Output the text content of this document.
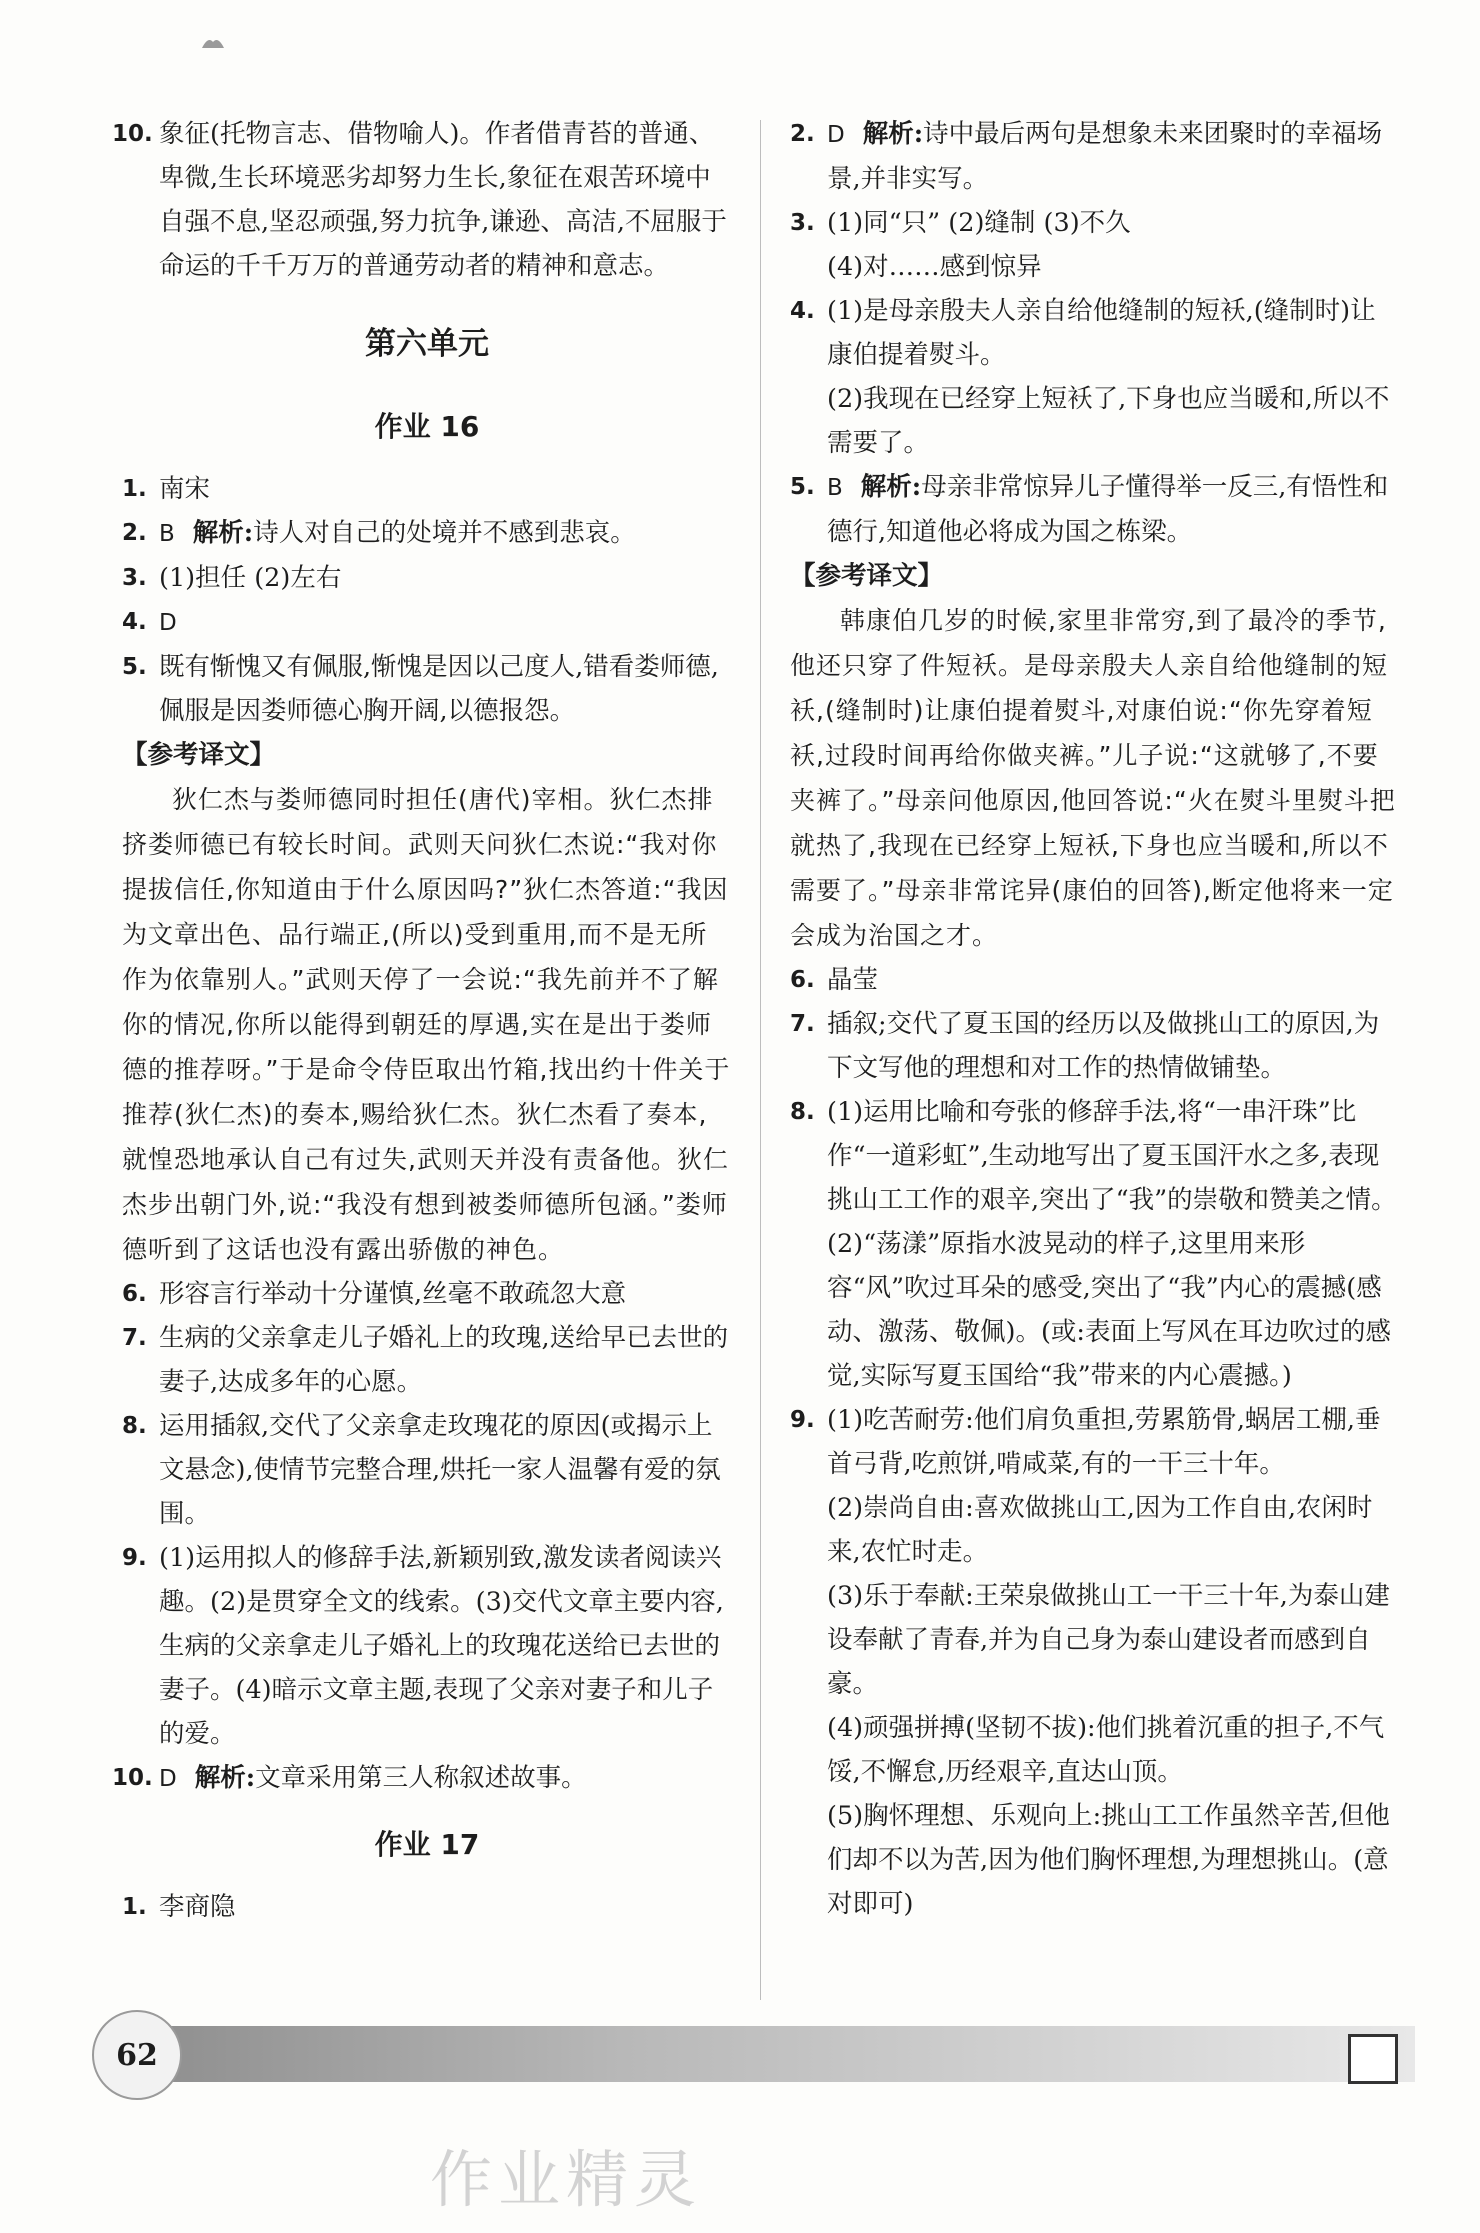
10. 象征(托物言志、借物喻人)。作者借青苔的普通、卑微,生长环境恶劣却努力生长,象征在艰苦环境中自强不息,坚忍顽强,努力抗争,谦逊、高洁,不屈服于命运的千千万万的普通劳动者的精神和意志。
第六单元
作业 16
1. 南宋
2. B 解析:诗人对自己的处境并不感到悲哀。
3. (1)担任 (2)左右
4. D
5. 既有惭愧又有佩服,惭愧是因以己度人,错看娄师德,佩服是因娄师德心胸开阔,以德报怨。
【参考译文】

狄仁杰与娄师德同时担任(唐代)宰相。狄仁杰排挤娄师德已有较长时间。武则天问狄仁杰说:“我对你提拔信任,你知道由于什么原因吗?”狄仁杰答道:“我因为文章出色、品行端正,(所以)受到重用,而不是无所作为依靠别人。”武则天停了一会说:“我先前并不了解你的情况,你所以能得到朝廷的厚遇,实在是出于娄师德的推荐呀。”于是命令侍臣取出竹箱,找出约十件关于推荐(狄仁杰)的奏本,赐给狄仁杰。狄仁杰看了奏本,就惶恐地承认自己有过失,武则天并没有责备他。狄仁杰步出朝门外,说:“我没有想到被娄师德所包涵。”娄师德听到了这话也没有露出骄傲的神色。

6. 形容言行举动十分谨慎,丝毫不敢疏忽大意
7. 生病的父亲拿走儿子婚礼上的玫瑰,送给早已去世的妻子,达成多年的心愿。
8. 运用插叙,交代了父亲拿走玫瑰花的原因(或揭示上文悬念),使情节完整合理,烘托一家人温馨有爱的氛围。
9. (1)运用拟人的修辞手法,新颖别致,激发读者阅读兴趣。(2)是贯穿全文的线索。(3)交代文章主要内容,生病的父亲拿走儿子婚礼上的玫瑰花送给已去世的妻子。(4)暗示文章主题,表现了父亲对妻子和儿子的爱。
10. D 解析:文章采用第三人称叙述故事。
作业 17
1. 李商隐
2. D 解析:诗中最后两句是想象未来团聚时的幸福场景,并非实写。
3. (1)同“只” (2)缝制 (3)不久
(4)对……感到惊异
4. (1)是母亲殷夫人亲自给他缝制的短袄,(缝制时)让康伯提着熨斗。
(2)我现在已经穿上短袄了,下身也应当暖和,所以不需要了。
5. B 解析:母亲非常惊异儿子懂得举一反三,有悟性和德行,知道他必将成为国之栋梁。
【参考译文】

韩康伯几岁的时候,家里非常穷,到了最冷的季节,他还只穿了件短袄。是母亲殷夫人亲自给他缝制的短袄,(缝制时)让康伯提着熨斗,对康伯说:“你先穿着短袄,过段时间再给你做夹裤。”儿子说:“这就够了,不要夹裤了。”母亲问他原因,他回答说:“火在熨斗里熨斗把就热了,我现在已经穿上短袄,下身也应当暖和,所以不需要了。”母亲非常诧异(康伯的回答),断定他将来一定会成为治国之才。

6. 晶莹
7. 插叙;交代了夏玉国的经历以及做挑山工的原因,为下文写他的理想和对工作的热情做铺垫。
8. (1)运用比喻和夸张的修辞手法,将“一串汗珠”比作“一道彩虹”,生动地写出了夏玉国汗水之多,表现挑山工工作的艰辛,突出了“我”的崇敬和赞美之情。
(2)“荡漾”原指水波晃动的样子,这里用来形容“风”吹过耳朵的感受,突出了“我”内心的震撼(感动、激荡、敬佩)。(或:表面上写风在耳边吹过的感觉,实际写夏玉国给“我”带来的内心震撼。)
9. (1)吃苦耐劳:他们肩负重担,劳累筋骨,蜗居工棚,垂首弓背,吃煎饼,啃咸菜,有的一干三十年。
(2)崇尚自由:喜欢做挑山工,因为工作自由,农闲时来,农忙时走。
(3)乐于奉献:王荣泉做挑山工一干三十年,为泰山建设奉献了青春,并为自己身为泰山建设者而感到自豪。
(4)顽强拼搏(坚韧不拔):他们挑着沉重的担子,不气馁,不懈怠,历经艰辛,直达山顶。
(5)胸怀理想、乐观向上:挑山工工作虽然辛苦,但他们却不以为苦,因为他们胸怀理想,为理想挑山。(意对即可)
62
作业精灵
